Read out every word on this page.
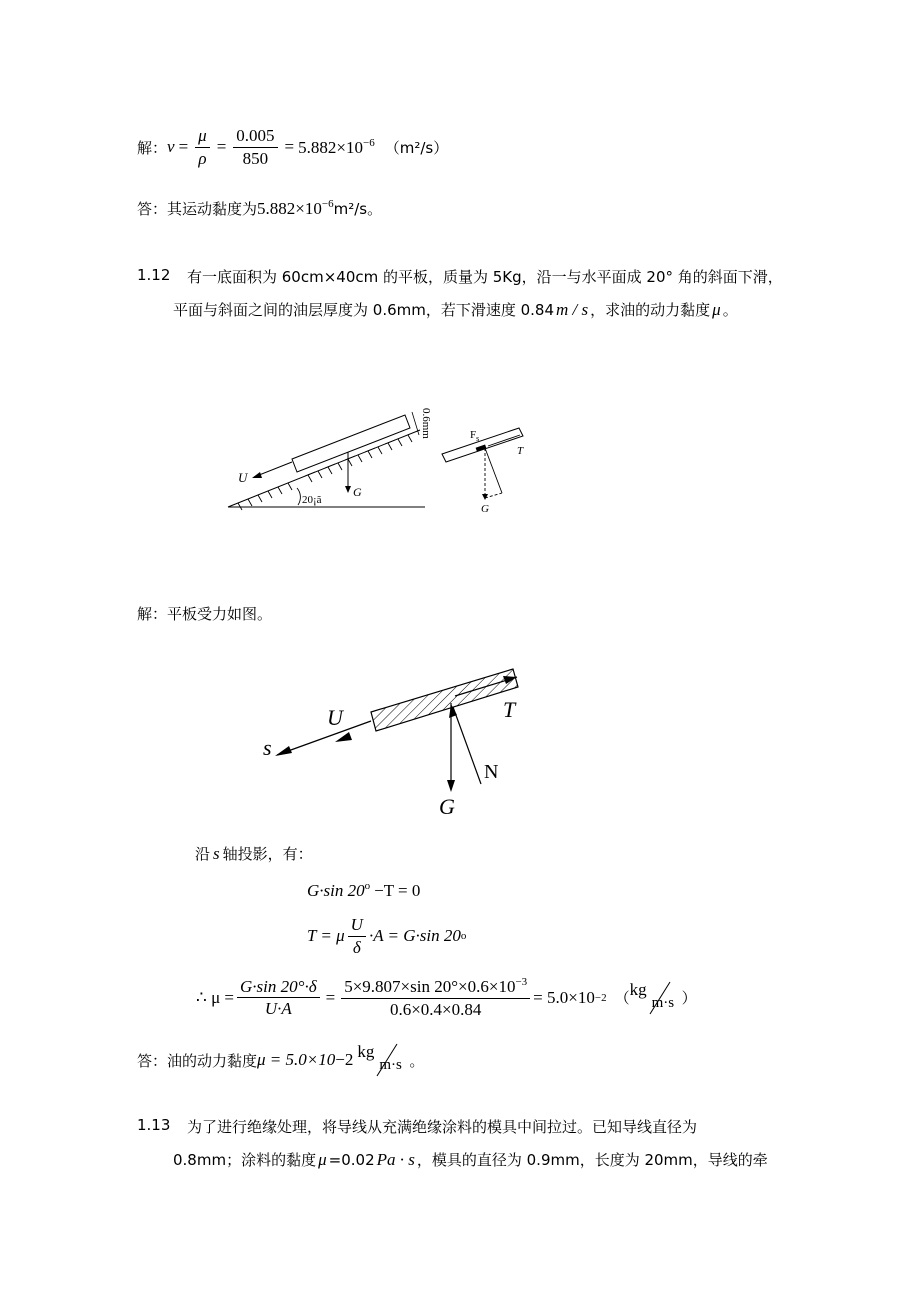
解： $\nu = \frac{\mu}{\rho} = \frac{0.005}{850} = 5.882\times 10^{-6}$ （m²/s）
答：其运动黏度为 $5.882\times 10^{-6}$ m²/s。
1.12 有一底面积为 60cm×40cm 的平板，质量为 5Kg，沿一与水平面成 20° 角的斜面下滑，
平面与斜面之间的油层厚度为 0.6mm，若下滑速度 0.84 m / s ，求油的动力黏度 μ 。
0.6mm
U
G
20¡ã
$F_s$
T
G
解：平板受力如图。
s
U	T
G
N
沿 s 轴投影，有：
G·sin $20^o -T = 0$
T = μ $\frac{U}{\delta} \cdot A = G\cdot\sin$ 20 o
∴ $\mu = \frac{G\cdot\sin 20^\circ\cdot\delta}{U\cdot A} = \frac{5\times 9.807\times\sin 20^\circ\times 0.6\times 10^{-3}}{0.6\times 0.4\times 0.84} = 5.0\times 10 -2$ （ kg
m·s ）
答：油的动力黏度 μ = 5.0×10 −2 kg
m·s 。
1.13 为了进行绝缘处理，将导线从充满绝缘涂料的模具中间拉过。已知导线直径为
0.8mm；涂料的黏度 μ =0.02 Pa · s ，模具的直径为 0.9mm，长度为 20mm，导线的牵
